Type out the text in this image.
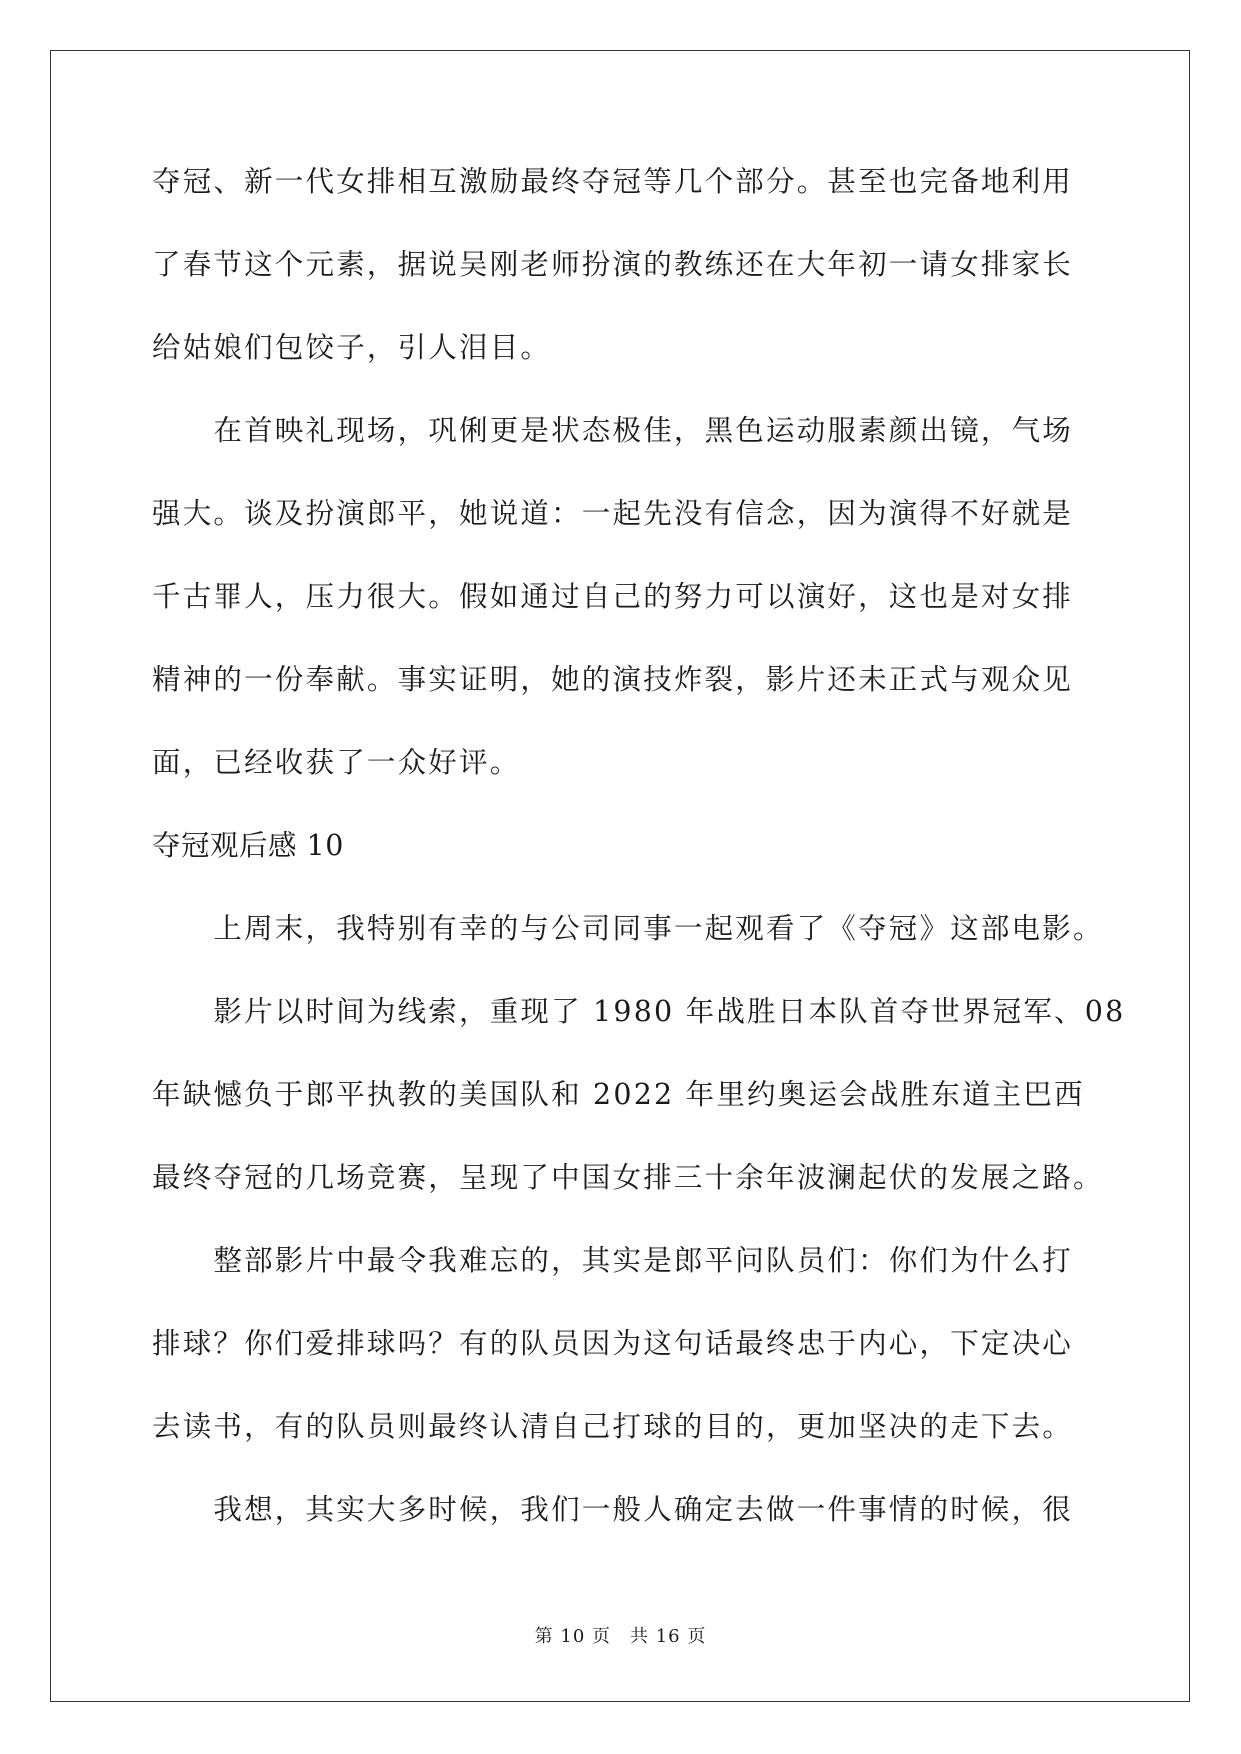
夺冠、新一代女排相互激励最终夺冠等几个部分。甚至也完备地利用
了春节这个元素，据说吴刚老师扮演的教练还在大年初一请女排家长
给姑娘们包饺子，引人泪目。
　　在首映礼现场，巩俐更是状态极佳，黑色运动服素颜出镜，气场
强大。谈及扮演郎平，她说道：一起先没有信念，因为演得不好就是
千古罪人，压力很大。假如通过自己的努力可以演好，这也是对女排
精神的一份奉献。事实证明，她的演技炸裂，影片还未正式与观众见
面，已经收获了一众好评。
夺冠观后感 10
　　上周末，我特别有幸的与公司同事一起观看了《夺冠》这部电影。
　　影片以时间为线索，重现了 1980 年战胜日本队首夺世界冠军、08
年缺憾负于郎平执教的美国队和 2022 年里约奥运会战胜东道主巴西
最终夺冠的几场竞赛，呈现了中国女排三十余年波澜起伏的发展之路。
　　整部影片中最令我难忘的，其实是郎平问队员们：你们为什么打
排球？你们爱排球吗？有的队员因为这句话最终忠于内心，下定决心
去读书，有的队员则最终认清自己打球的目的，更加坚决的走下去。
　　我想，其实大多时候，我们一般人确定去做一件事情的时候，很
第 10 页　共 16 页
